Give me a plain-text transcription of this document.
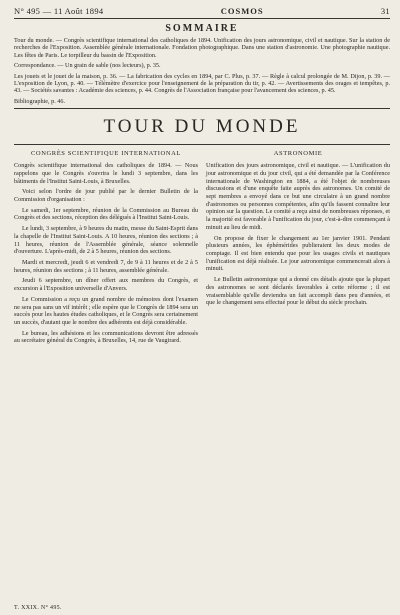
N° 495 — 11 Août 1894	COSMOS	31
SOMMAIRE

Tour du monde. — Congrès scientifique international des catholiques de 1894. Unification des jours astronomique, civil et nautique. Sur la station de recherches de l'Exposition. Assemblée générale internationale. Fondation photographique. Dans une station d'astronomie. Une photographie nautique. Les fêtes de Paris. Le torpilleur du bassin de l'Exposition.

Correspondance. — Un grain de sable (nos lecteurs), p. 35.

Les jouets et le jouet de la maison, p. 36. — La fabrication des cycles en 1894, par C. Plus, p. 37. — Règle à calcul prolongée de M. Dijon, p. 39. — L'exposition de Lyon, p. 40. — Télémètre d'exercice pour l'enseignement de la préparation du tir, p. 42. — Avertissements des orages et tempêtes, p. 43. — Sociétés savantes : Académie des sciences, p. 44. Congrès de l'Association française pour l'avancement des sciences, p. 45.

Bibliographie, p. 46.

TOUR DU MONDE
CONGRÈS SCIENTIFIQUE INTERNATIONAL

Congrès scientifique international des catholiques de 1894. — Nous rappelons que le Congrès s'ouvrira le lundi 3 septembre, dans les bâtiments de l'Institut Saint-Louis, à Bruxelles.

Voici selon l'ordre de jour publié par le dernier Bulletin de la Commission d'organisation :

Le samedi, 1er septembre, réunion de la Commission au Bureau du Congrès et des sections, réception des délégués à l'Institut Saint-Louis.

Le lundi, 3 septembre, à 9 heures du matin, messe du Saint-Esprit dans la chapelle de l'Institut Saint-Louis. A 10 heures, réunion des sections ; à 11 heures, réunion de l'Assemblée générale, séance solennelle d'ouverture. L'après-midi, de 2 à 5 heures, réunion des sections.

Mardi et mercredi, jeudi 6 et vendredi 7, de 9 à 11 heures et de 2 à 5 heures, réunion des sections ; à 11 heures, assemblée générale.

Jeudi 6 septembre, un dîner offert aux membres du Congrès, et excursion à l'Exposition universelle d'Anvers.

Le Commission a reçu un grand nombre de mémoires dont l'examen ne sera pas sans un vif intérêt ; elle espère que le Congrès de 1894 sera un succès pour les hautes études catholiques, et le Congrès sera certainement un succès, d'autant que le nombre des adhérents est déjà considérable.

Le bureau, les adhésions et les communications devront être adressés au secrétaire général du Congrès, à Bruxelles, 14, rue de Vaugirard.

ASTRONOMIE

Unification des jours astronomique, civil et nautique. — L'unification du jour astronomique et du jour civil, qui a été demandée par la Conférence internationale de Washington en 1884, a été l'objet de nombreuses discussions et d'une enquête faite auprès des astronomes. Un comité de sept membres a envoyé dans ce but une circulaire à un grand nombre d'astronomes ou personnes compétentes, afin qu'ils fassent connaître leur opinion sur la question. Le comité a reçu ainsi de nombreuses réponses, et la majorité est favorable à l'unification du jour, c'est-à-dire commençant à minuit au lieu de midi.

On propose de fixer le changement au 1er janvier 1901. Pendant plusieurs années, les éphémérides publieraient les deux modes de comptage. Il est bien entendu que pour les usages civils et nautiques l'unification est déjà réalisée. Le jour astronomique commencerait alors à minuit.

Le Bulletin astronomique qui a donné ces détails ajoute que la plupart des astronomes se sont déclarés favorables à cette réforme ; il est vraisemblable qu'elle deviendra un fait accompli dans peu d'années, et que le changement sera effectué pour le début du siècle prochain.

T. XXIX. N° 495.
